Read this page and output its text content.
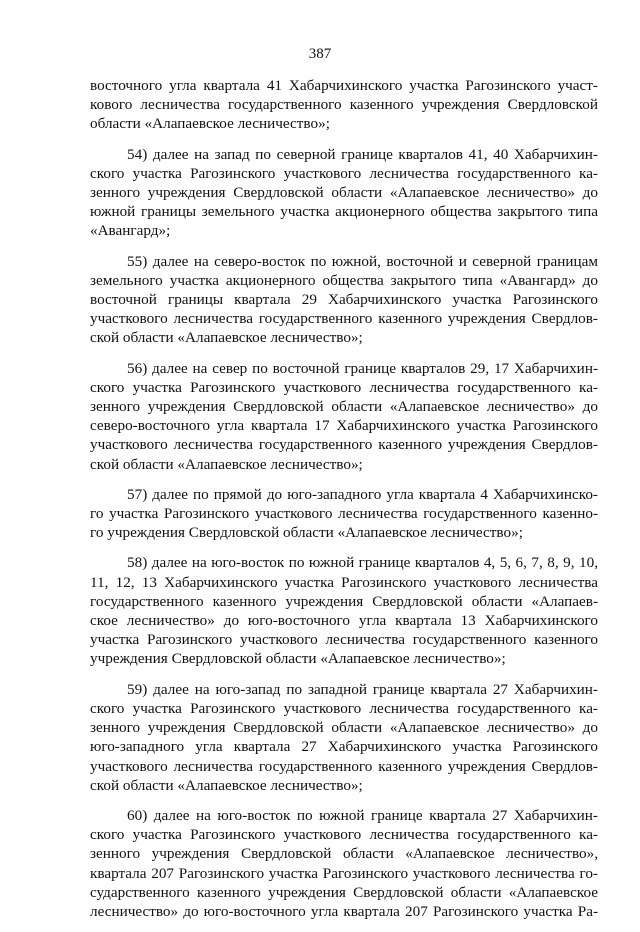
387

восточного угла квартала 41 Хабарчихинского участка Рагозинского участ-
кового лесничества государственного казенного учреждения Свердловской
области «Алапаевское лесничество»;

54) далее на запад по северной границе кварталов 41, 40 Хабарчихин-
ского участка Рагозинского участкового лесничества государственного ка-
зенного учреждения Свердловской области «Алапаевское лесничество» до
южной границы земельного участка акционерного общества закрытого типа
«Авангард»;

55) далее на северо-восток по южной, восточной и северной границам
земельного участка акционерного общества закрытого типа «Авангард» до
восточной границы квартала 29 Хабарчихинского участка Рагозинского
участкового лесничества государственного казенного учреждения Свердлов-
ской области «Алапаевское лесничество»;

56) далее на север по восточной границе кварталов 29, 17 Хабарчихин-
ского участка Рагозинского участкового лесничества государственного ка-
зенного учреждения Свердловской области «Алапаевское лесничество» до
северо-восточного угла квартала 17 Хабарчихинского участка Рагозинского
участкового лесничества государственного казенного учреждения Свердлов-
ской области «Алапаевское лесничество»;

57) далее по прямой до юго-западного угла квартала 4 Хабарчихинско-
го участка Рагозинского участкового лесничества государственного казенно-
го учреждения Свердловской области «Алапаевское лесничество»;

58) далее на юго-восток по южной границе кварталов 4, 5, 6, 7, 8, 9, 10,
11, 12, 13 Хабарчихинского участка Рагозинского участкового лесничества
государственного казенного учреждения Свердловской области «Алапаев-
ское лесничество» до юго-восточного угла квартала 13 Хабарчихинского
участка Рагозинского участкового лесничества государственного казенного
учреждения Свердловской области «Алапаевское лесничество»;

59) далее на юго-запад по западной границе квартала 27 Хабарчихин-
ского участка Рагозинского участкового лесничества государственного ка-
зенного учреждения Свердловской области «Алапаевское лесничество» до
юго-западного угла квартала 27 Хабарчихинского участка Рагозинского
участкового лесничества государственного казенного учреждения Свердлов-
ской области «Алапаевское лесничество»;

60) далее на юго-восток по южной границе квартала 27 Хабарчихин-
ского участка Рагозинского участкового лесничества государственного ка-
зенного учреждения Свердловской области «Алапаевское лесничество»,
квартала 207 Рагозинского участка Рагозинского участкового лесничества го-
сударственного казенного учреждения Свердловской области «Алапаевское
лесничество» до юго-восточного угла квартала 207 Рагозинского участка Ра-
